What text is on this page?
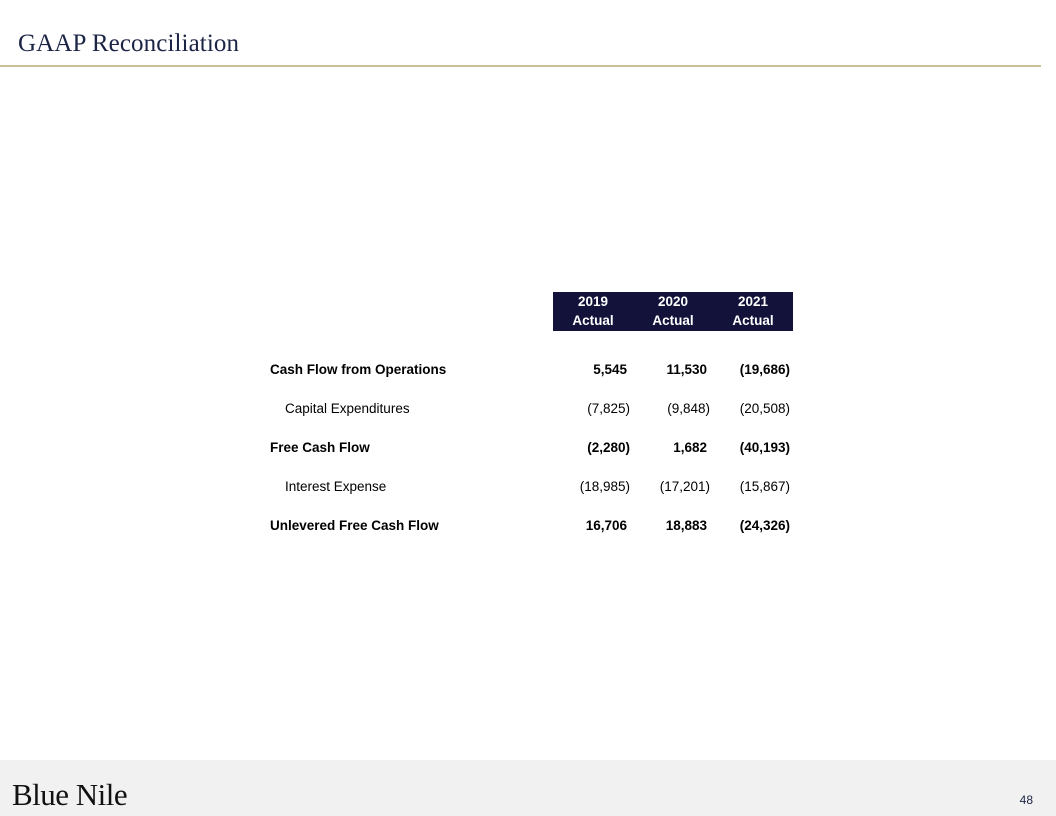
GAAP Reconciliation
	2019	2020	2021
	Actual	Actual	Actual

Cash Flow from Operations	5,545	11,530	(19,686)
Capital Expenditures	(7,825)	(9,848)	(20,508)
Free Cash Flow	(2,280)	1,682	(40,193)
Interest Expense	(18,985)	(17,201)	(15,867)
Unlevered Free Cash Flow	16,706	18,883	(24,326)
Blue Nile	48
